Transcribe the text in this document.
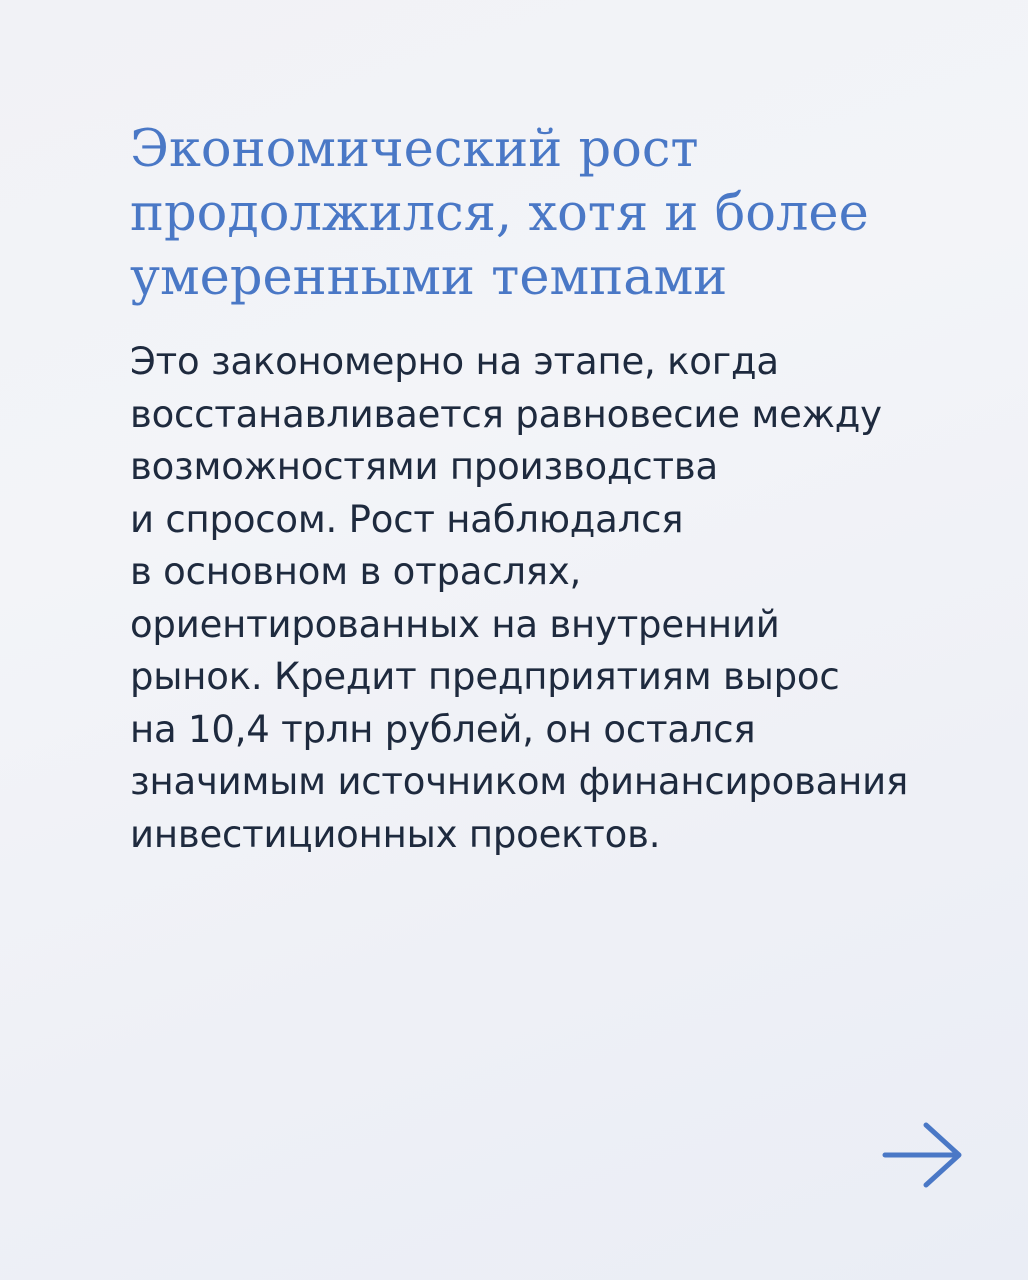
Экономический рост
продолжился, хотя и более
умеренными темпами

Это закономерно на этапе, когда
восстанавливается равновесие между
возможностями производства
и спросом. Рост наблюдался
в основном в отраслях,
ориентированных на внутренний
рынок. Кредит предприятиям вырос
на 10,4 трлн рублей, он остался
значимым источником финансирования
инвестиционных проектов.
